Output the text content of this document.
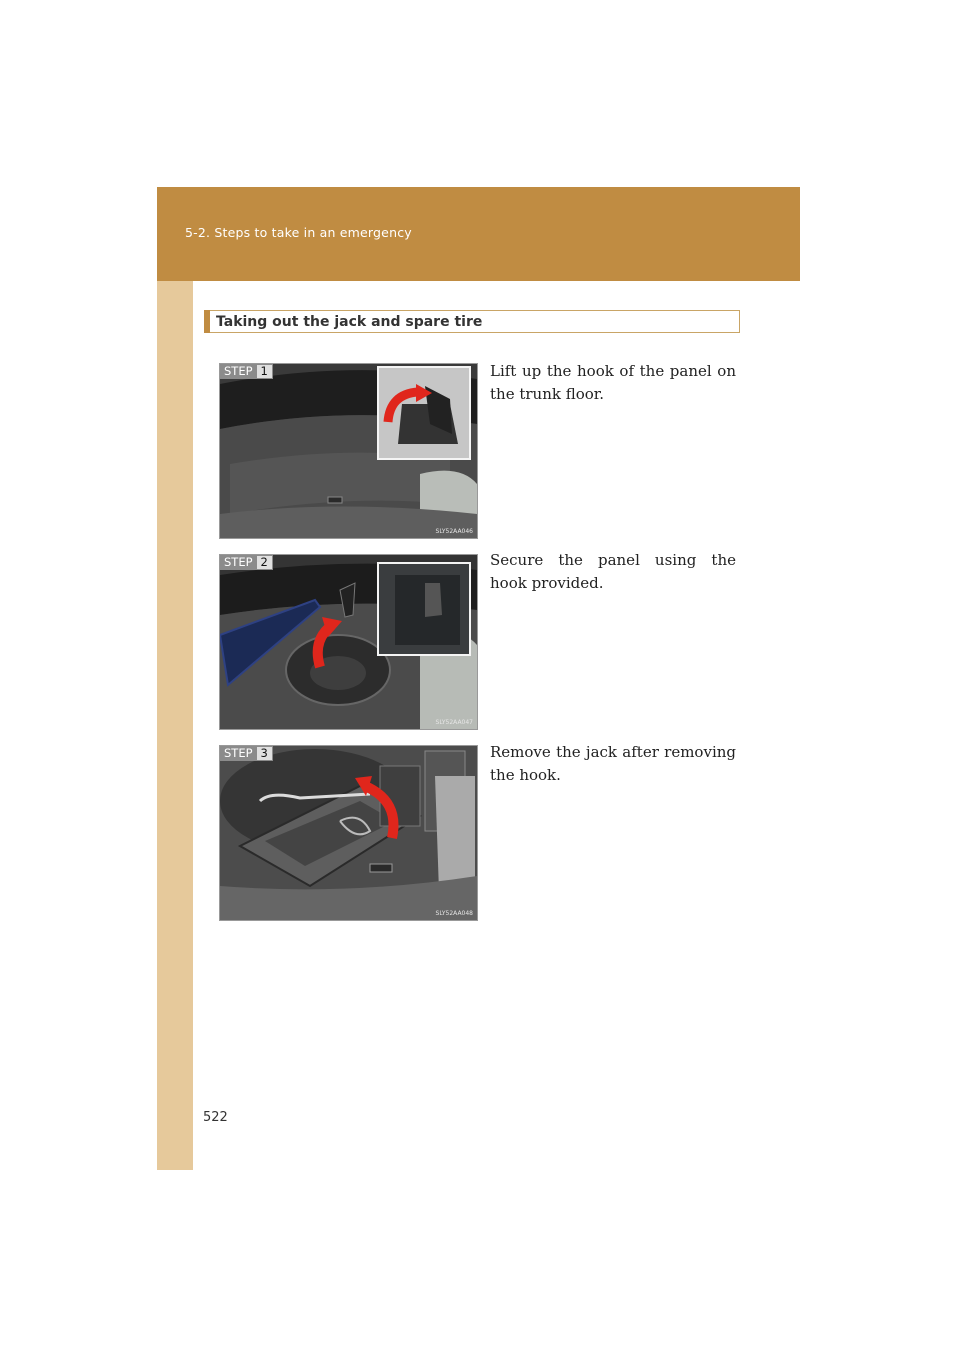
5-2. Steps to take in an emergency
Taking out the jack and spare tire
STEP 1
SLY52AA046
Lift up the hook of the panel on the trunk floor.
STEP 2
SLY52AA047
Secure the panel using the hook provided.
STEP 3
SLY52AA048
Remove the jack after removing the hook.
522
